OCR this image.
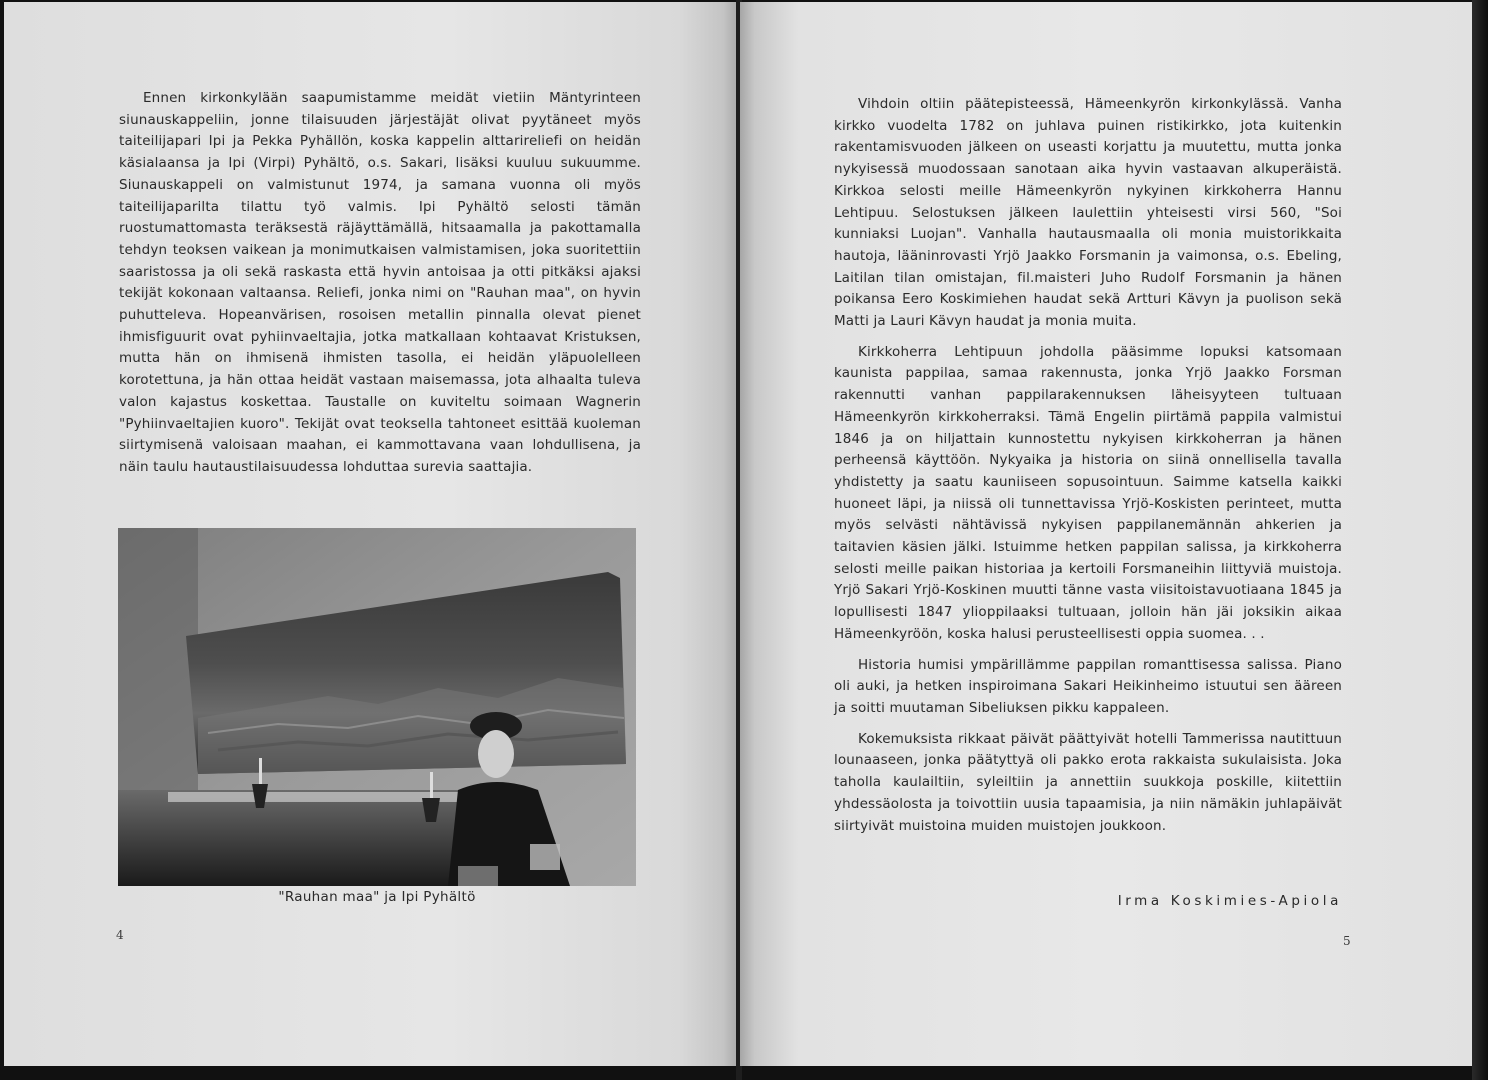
Ennen kirkonkylään saapumistamme meidät vietiin Mäntyrinteen siunauskappeliin, jonne tilaisuuden järjestäjät olivat pyytäneet myös taiteilijapari Ipi ja Pekka Pyhällön, koska kappelin alttarireliefi on heidän käsialaansa ja Ipi (Virpi) Pyhältö, o.s. Sakari, lisäksi kuuluu sukuumme. Siunauskappeli on valmistunut 1974, ja samana vuonna oli myös taiteilijaparilta tilattu työ valmis. Ipi Pyhältö selosti tämän ruostumattomasta teräksestä räjäyttämällä, hitsaamalla ja pakottamalla tehdyn teoksen vaikean ja monimutkaisen valmistamisen, joka suoritettiin saaristossa ja oli sekä raskasta että hyvin antoisaa ja otti pitkäksi ajaksi tekijät kokonaan valtaansa. Reliefi, jonka nimi on "Rauhan maa", on hyvin puhutteleva. Hopeanvärisen, rosoisen metallin pinnalla olevat pienet ihmisfiguurit ovat pyhiinvaeltajia, jotka matkallaan kohtaavat Kristuksen, mutta hän on ihmisenä ihmisten tasolla, ei heidän yläpuolelleen korotettuna, ja hän ottaa heidät vastaan maisemassa, jota alhaalta tuleva valon kajastus koskettaa. Taustalle on kuviteltu soimaan Wagnerin "Pyhiinvaeltajien kuoro". Tekijät ovat teoksella tahtoneet esittää kuoleman siirtymisenä valoisaan maahan, ei kammottavana vaan lohdullisena, ja näin taulu hautaustilaisuudessa lohduttaa surevia saattajia.

"Rauhan maa" ja Ipi Pyhältö
4

Vihdoin oltiin päätepisteessä, Hämeenkyrön kirkonkylässä. Vanha kirkko vuodelta 1782 on juhlava puinen ristikirkko, jota kuitenkin rakentamisvuoden jälkeen on useasti korjattu ja muutettu, mutta jonka nykyisessä muodossaan sanotaan aika hyvin vastaavan alkuperäistä. Kirkkoa selosti meille Hämeenkyrön nykyinen kirkkoherra Hannu Lehtipuu. Selostuksen jälkeen laulettiin yhteisesti virsi 560, "Soi kunniaksi Luojan". Vanhalla hautausmaalla oli monia muistorikkaita hautoja, lääninrovasti Yrjö Jaakko Forsmanin ja vaimonsa, o.s. Ebeling, Laitilan tilan omistajan, fil.maisteri Juho Rudolf Forsmanin ja hänen poikansa Eero Koskimiehen haudat sekä Artturi Kävyn ja puolison sekä Matti ja Lauri Kävyn haudat ja monia muita.

Kirkkoherra Lehtipuun johdolla pääsimme lopuksi katsomaan kaunista pappilaa, samaa rakennusta, jonka Yrjö Jaakko Forsman rakennutti vanhan pappilarakennuksen läheisyyteen tultuaan Hämeenkyrön kirkkoherraksi. Tämä Engelin piirtämä pappila valmistui 1846 ja on hiljattain kunnostettu nykyisen kirkkoherran ja hänen perheensä käyttöön. Nykyaika ja historia on siinä onnellisella tavalla yhdistetty ja saatu kauniiseen sopusointuun. Saimme katsella kaikki huoneet läpi, ja niissä oli tunnettavissa Yrjö-Koskisten perinteet, mutta myös selvästi nähtävissä nykyisen pappilanemännän ahkerien ja taitavien käsien jälki. Istuimme hetken pappilan salissa, ja kirkkoherra selosti meille paikan historiaa ja kertoili Forsmaneihin liittyviä muistoja. Yrjö Sakari Yrjö-Koskinen muutti tänne vasta viisitoistavuotiaana 1845 ja lopullisesti 1847 ylioppilaaksi tultuaan, jolloin hän jäi joksikin aikaa Hämeenkyröön, koska halusi perusteellisesti oppia suomea. . .

Historia humisi ympärillämme pappilan romanttisessa salissa. Piano oli auki, ja hetken inspiroimana Sakari Heikinheimo istuutui sen ääreen ja soitti muutaman Sibeliuksen pikku kappaleen.

Kokemuksista rikkaat päivät päättyivät hotelli Tammerissa nautittuun lounaaseen, jonka päätyttyä oli pakko erota rakkaista sukulaisista. Joka taholla kaulailtiin, syleiltiin ja annettiin suukkoja poskille, kiitettiin yhdessäolosta ja toivottiin uusia tapaamisia, ja niin nämäkin juhlapäivät siirtyivät muistoina muiden muistojen joukkoon.

Irma Koskimies-Apiola
5
